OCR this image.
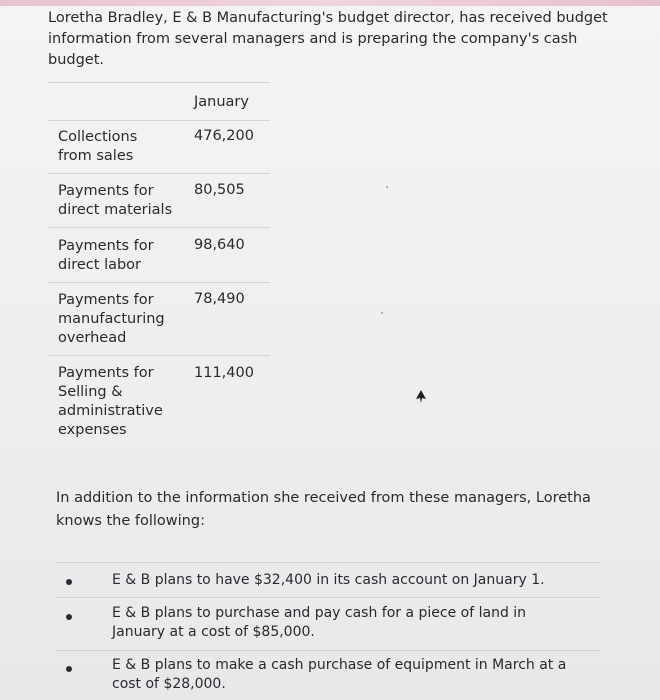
Loretha Bradley, E & B Manufacturing's budget director, has received budget information from several managers and is preparing the company's cash budget.

January
Collections from sales
476,200
Payments for direct materials
80,505
Payments for direct labor
98,640
Payments for manufacturing overhead
78,490
Payments for Selling & administrative expenses
111,400

In addition to the information she received from these managers, Loretha knows the following:

E & B plans to have $32,400 in its cash account on January 1.
E & B plans to purchase and pay cash for a piece of land in January at a cost of $85,000.
E & B plans to make a cash purchase of equipment in March at a cost of $28,000.
